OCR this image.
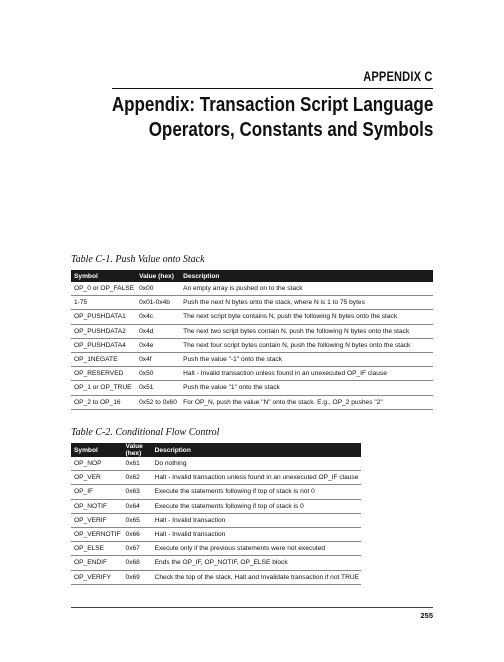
APPENDIX C
Appendix: Transaction Script Language
Operators, Constants and Symbols
Table C-1. Push Value onto Stack
Symbol	Value (hex)	Description
OP_0 or OP_FALSE	0x00	An empty array is pushed on to the stack
1-75	0x01-0x4b	Push the next N bytes onto the stack, where N is 1 to 75 bytes
OP_PUSHDATA1	0x4c	The next script byte contains N, push the following N bytes onto the stack
OP_PUSHDATA2	0x4d	The next two script bytes contain N, push the following N bytes onto the stack
OP_PUSHDATA4	0x4e	The next four script bytes contain N, push the following N bytes onto the stack
OP_1NEGATE	0x4f	Push the value "-1" onto the stack
OP_RESERVED	0x50	Halt - Invalid transaction unless found in an unexecuted OP_IF clause
OP_1 or OP_TRUE	0x51	Push the value "1" onto the stack
OP_2 to OP_16	0x52 to 0x60	For OP_N, push the value "N" onto the stack. E.g., OP_2 pushes "2"
Table C-2. Conditional Flow Control
Symbol	Value (hex)	Description
OP_NOP	0x61	Do nothing
OP_VER	0x62	Halt - Invalid transaction unless found in an unexecuted OP_IF clause
OP_IF	0x63	Execute the statements following if top of stack is not 0
OP_NOTIF	0x64	Execute the statements following if top of stack is 0
OP_VERIF	0x65	Halt - Invalid transaction
OP_VERNOTIF	0x66	Halt - Invalid transaction
OP_ELSE	0x67	Execute only if the previous statements were not executed
OP_ENDIF	0x68	Ends the OP_IF, OP_NOTIF, OP_ELSE block
OP_VERIFY	0x69	Check the top of the stack, Halt and Invalidate transaction if not TRUE
255
